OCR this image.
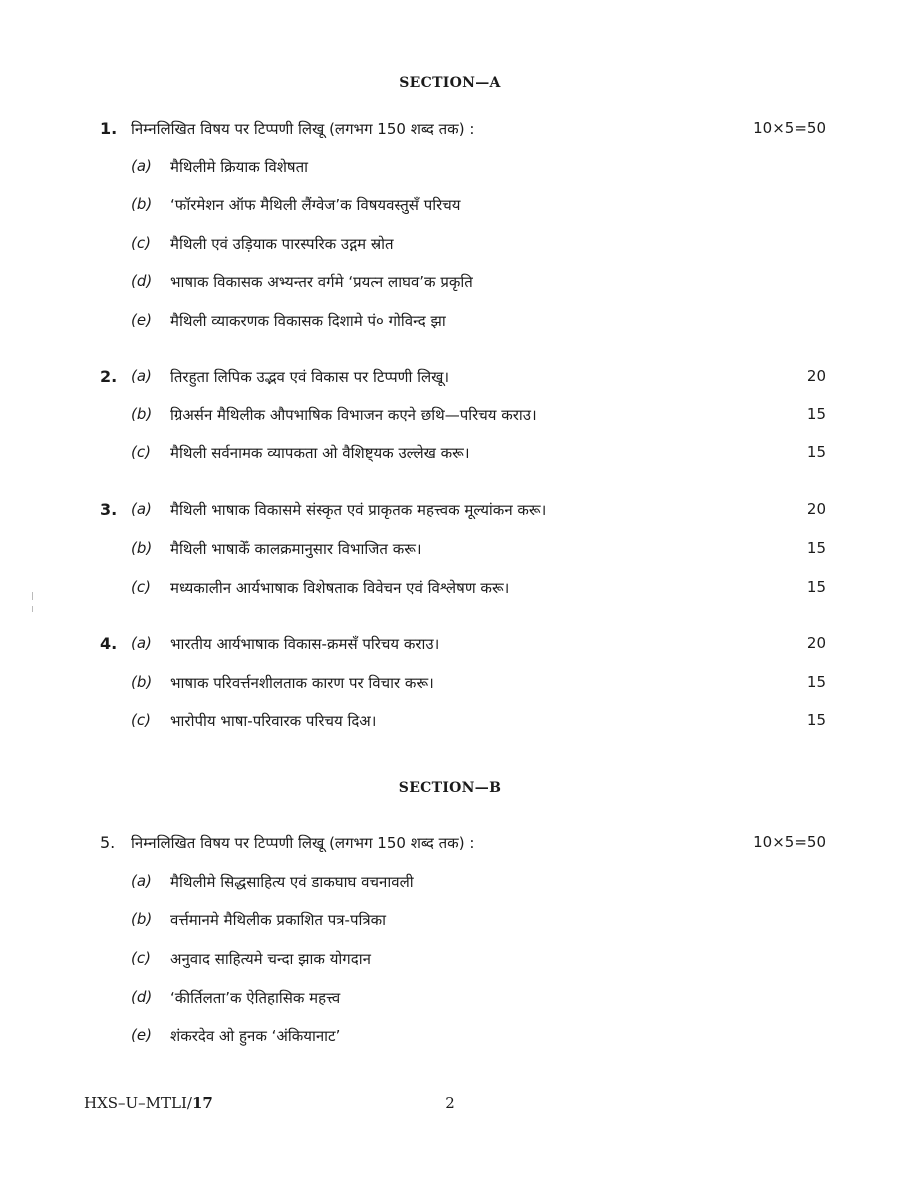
SECTION—A
1. निम्नलिखित विषय पर टिप्पणी लिखू (लगभग 150 शब्द तक) :	10×5=50
(a) मैथिलीमे क्रियाक विशेषता
(b) ‘फॉरमेशन ऑफ मैथिली लैंग्वेज’क विषयवस्तुसँ परिचय
(c) मैथिली एवं उड़ियाक पारस्परिक उद्गम स्रोत
(d) भाषाक विकासक अभ्यन्तर वर्गमे ‘प्रयत्न लाघव’क प्रकृति
(e) मैथिली व्याकरणक विकासक दिशामे पं० गोविन्द झा
2. (a) तिरहुता लिपिक उद्भव एवं विकास पर टिप्पणी लिखू।	20
(b) ग्रिअर्सन मैथिलीक औपभाषिक विभाजन कएने छथि—परिचय कराउ।	15
(c) मैथिली सर्वनामक व्यापकता ओ वैशिष्ट्यक उल्लेख करू।	15
3. (a) मैथिली भाषाक विकासमे संस्कृत एवं प्राकृतक महत्त्वक मूल्यांकन करू।	20
(b) मैथिली भाषाकेँ कालक्रमानुसार विभाजित करू।	15
(c) मध्यकालीन आर्यभाषाक विशेषताक विवेचन एवं विश्लेषण करू।	15
4. (a) भारतीय आर्यभाषाक विकास-क्रमसँ परिचय कराउ।	20
(b) भाषाक परिवर्त्तनशीलताक कारण पर विचार करू।	15
(c) भारोपीय भाषा-परिवारक परिचय दिअ।	15
SECTION—B
5. निम्नलिखित विषय पर टिप्पणी लिखू (लगभग 150 शब्द तक) :	10×5=50
(a) मैथिलीमे सिद्धसाहित्य एवं डाकघाघ वचनावली
(b) वर्त्तमानमे मैथिलीक प्रकाशित पत्र-पत्रिका
(c) अनुवाद साहित्यमे चन्दा झाक योगदान
(d) ‘कीर्तिलता’क ऐतिहासिक महत्त्व
(e) शंकरदेव ओ हुनक ‘अंकियानाट’
HXS–U–MTLI/17	2
